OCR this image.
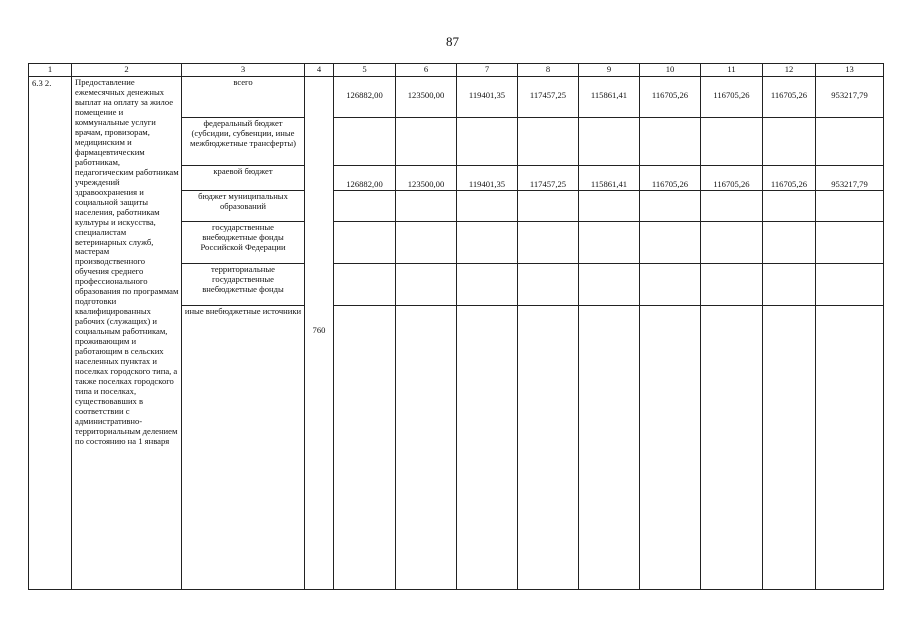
87
1	2	3	4	5	6	7	8	9	10	11	12	13
6.3 2.	Предоставление ежемесячных денежных выплат на оплату за жилое помещение и коммунальные услуги врачам, провизорам, медицинским и фармацевтическим работникам, педагогическим работникам учреждений здравоохранения и социальной защиты населения, работникам культуры и искусства, специалистам ветеринарных служб, мастерам производственного обучения среднего профессионального образования по программам подготовки квалифицированных рабочих (служащих) и социальным работникам, проживающим и работающим в сельских населенных пунктах и поселках городского типа, а также поселках городского типа и поселках, существовавших в соответствии с административно-территориальным делением по состоянию на 1 января	всего	760	126882,00	123500,00	119401,35	117457,25	115861,41	116705,26	116705,26	116705,26	953217,79
		федеральный бюджет (субсидии, субвенции, иные межбюджетные трансферты)										
		краевой бюджет		126882,00	123500,00	119401,35	117457,25	115861,41	116705,26	116705,26	116705,26	953217,79
		бюджет муниципальных образований										
		государственные внебюджетные фонды Российской Федерации										
		территориальные государственные внебюджетные фонды										
		иные внебюджетные источники										
